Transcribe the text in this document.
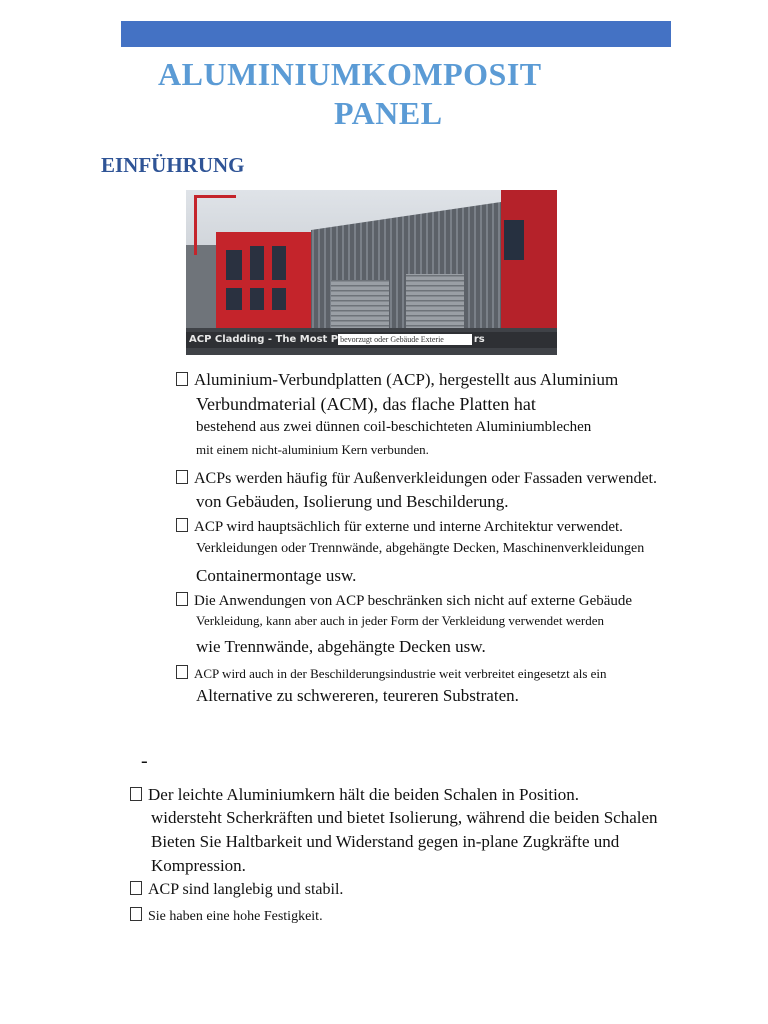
ALUMINIUMKOMPOSIT
PANEL
EINFÜHRUNG
ACP Cladding - The Most P bevorzugt oder Gebäude Exterie	rs

Aluminium-Verbundplatten (ACP), hergestellt aus Aluminium

Verbundmaterial (ACM), das flache Platten hat

bestehend aus zwei dünnen coil-beschichteten Aluminiumblechen

mit einem nicht-aluminium Kern verbunden.

ACPs werden häufig für Außenverkleidungen oder Fassaden verwendet.

von Gebäuden, Isolierung und Beschilderung.

ACP wird hauptsächlich für externe und interne Architektur verwendet.

Verkleidungen oder Trennwände, abgehängte Decken, Maschinenverkleidungen

Containermontage usw.

Die Anwendungen von ACP beschränken sich nicht auf externe Gebäude

Verkleidung, kann aber auch in jeder Form der Verkleidung verwendet werden

wie Trennwände, abgehängte Decken usw.

ACP wird auch in der Beschilderungsindustrie weit verbreitet eingesetzt als ein

Alternative zu schwereren, teureren Substraten.

-

Der leichte Aluminiumkern hält die beiden Schalen in Position.

widersteht Scherkräften und bietet Isolierung, während die beiden Schalen

Bieten Sie Haltbarkeit und Widerstand gegen in-plane Zugkräfte und

Kompression.

ACP sind langlebig und stabil.

Sie haben eine hohe Festigkeit.
